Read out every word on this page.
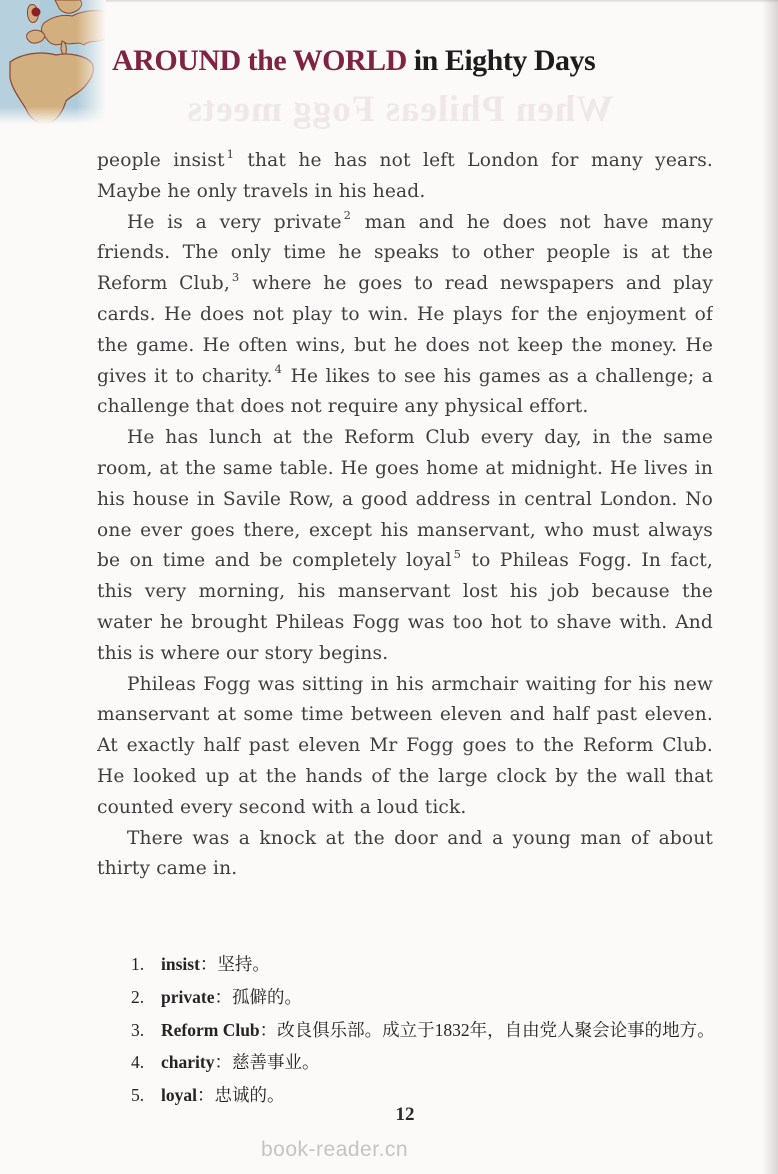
AROUND the WORLD in Eighty Days
When Phileas Fogg meets

people insist $^1$ that he has not left London for many years. Maybe he only travels in his head.

He is a very private $^2$ man and he does not have many friends. The only time he speaks to other people is at the Reform Club, $^3$ where he goes to read newspapers and play cards. He does not play to win. He plays for the enjoyment of the game. He often wins, but he does not keep the money. He gives it to charity. $^4$ He likes to see his games as a challenge; a challenge that does not require any physical effort.

He has lunch at the Reform Club every day, in the same room, at the same table. He goes home at midnight. He lives in his house in Savile Row, a good address in central London. No one ever goes there, except his manservant, who must always be on time and be completely loyal $^5$ to Phileas Fogg. In fact, this very morning, his manservant lost his job because the water he brought Phileas Fogg was too hot to shave with. And this is where our story begins.

Phileas Fogg was sitting in his armchair waiting for his new manservant at some time between eleven and half past eleven. At exactly half past eleven Mr Fogg goes to the Reform Club. He looked up at the hands of the large clock by the wall that counted every second with a loud tick.

There was a knock at the door and a young man of about thirty came in.

1. insist ：坚持。
2. private ：孤僻的。
3. Reform Club ：改良俱乐部。成立于1832年，自由党人聚会论事的地方。
4. charity ：慈善事业。
5. loyal ：忠诚的。
12
book-reader.cn
